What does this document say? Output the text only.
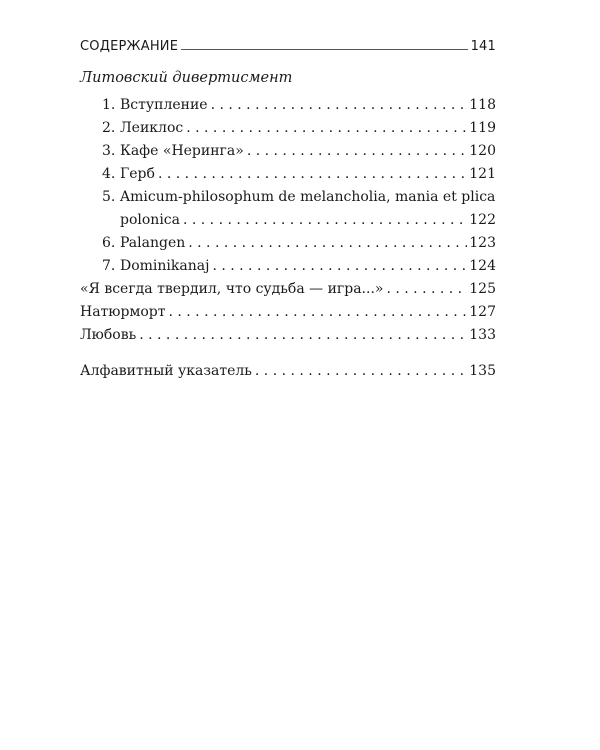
СОДЕРЖАНИЕ	141
Литовский дивертисмент
1. Вступление . . .	118
2. Леиклос . . .	119
3. Кафе «Неринга» . . .	120
4. Герб . . .	121
5. Amicum-philosophum de melancholia, mania et plica
polonica . . .	122
6. Palangen . . .	123
7. Dominikanaj . . .	124
«Я всегда твердил, что судьба — игра...» . . .	125
Натюрморт . . .	127
Любовь . . .	133
Алфавитный указатель . . .	135
